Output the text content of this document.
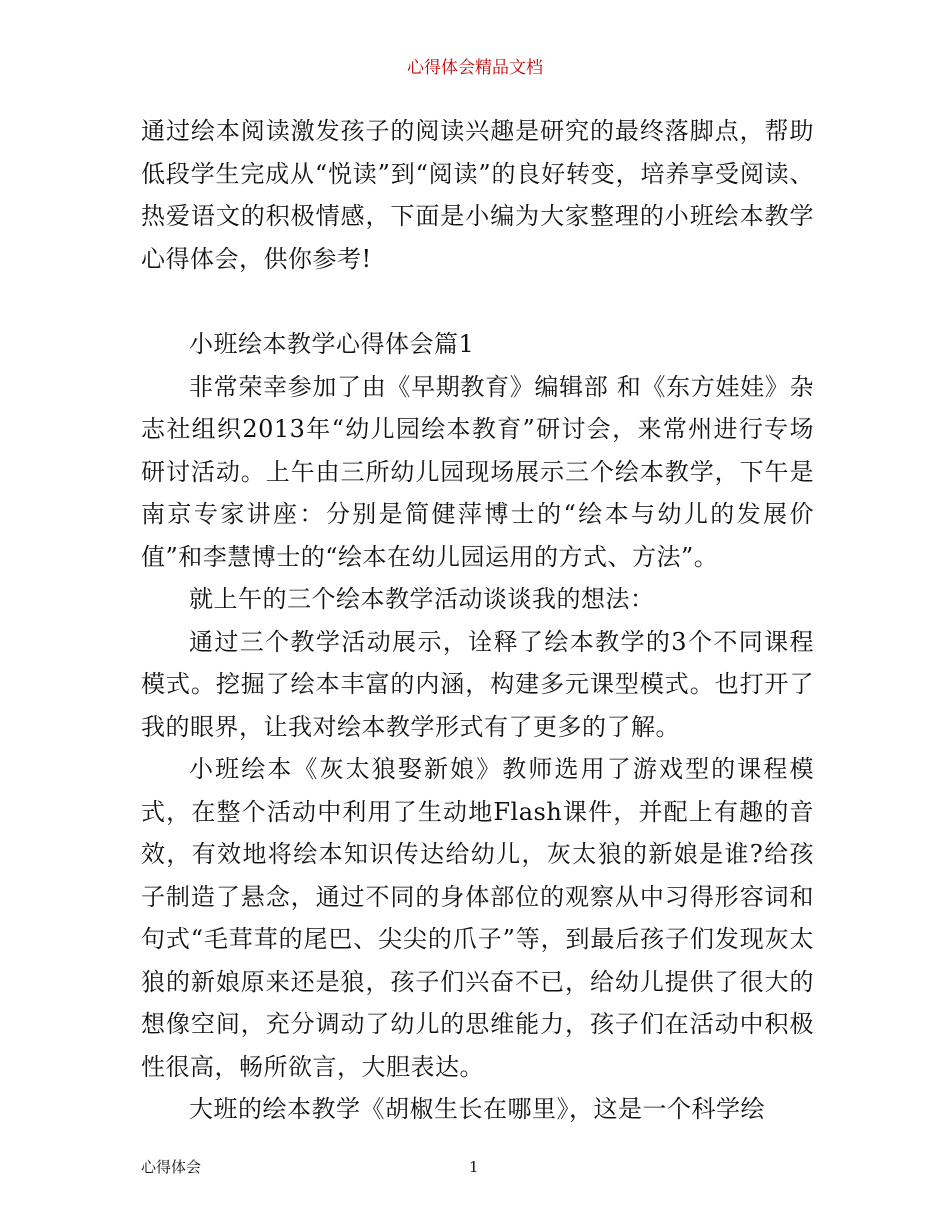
心得体会精品文档

通过绘本阅读激发孩子的阅读兴趣是研究的最终落脚点，帮助低段学生完成从“悦读”到“阅读”的良好转变，培养享受阅读、热爱语文的积极情感，下面是小编为大家整理的小班绘本教学心得体会，供你参考!

小班绘本教学心得体会篇1

非常荣幸参加了由《早期教育》编辑部 和《东方娃娃》杂志社组织2013年“幼儿园绘本教育”研讨会，来常州进行专场研讨活动。上午由三所幼儿园现场展示三个绘本教学，下午是南京专家讲座：分别是简健萍博士的“绘本与幼儿的发展价值”和李慧博士的“绘本在幼儿园运用的方式、方法”。

就上午的三个绘本教学活动谈谈我的想法：

通过三个教学活动展示，诠释了绘本教学的3个不同课程模式。挖掘了绘本丰富的内涵，构建多元课型模式。也打开了我的眼界，让我对绘本教学形式有了更多的了解。

小班绘本《灰太狼娶新娘》教师选用了游戏型的课程模式，在整个活动中利用了生动地Flash课件，并配上有趣的音效，有效地将绘本知识传达给幼儿，灰太狼的新娘是谁?给孩子制造了悬念，通过不同的身体部位的观察从中习得形容词和句式“毛茸茸的尾巴、尖尖的爪子”等，到最后孩子们发现灰太狼的新娘原来还是狼，孩子们兴奋不已，给幼儿提供了很大的想像空间，充分调动了幼儿的思维能力，孩子们在活动中积极性很高，畅所欲言，大胆表达。

大班的绘本教学《胡椒生长在哪里》，这是一个科学绘

心得体会	1
